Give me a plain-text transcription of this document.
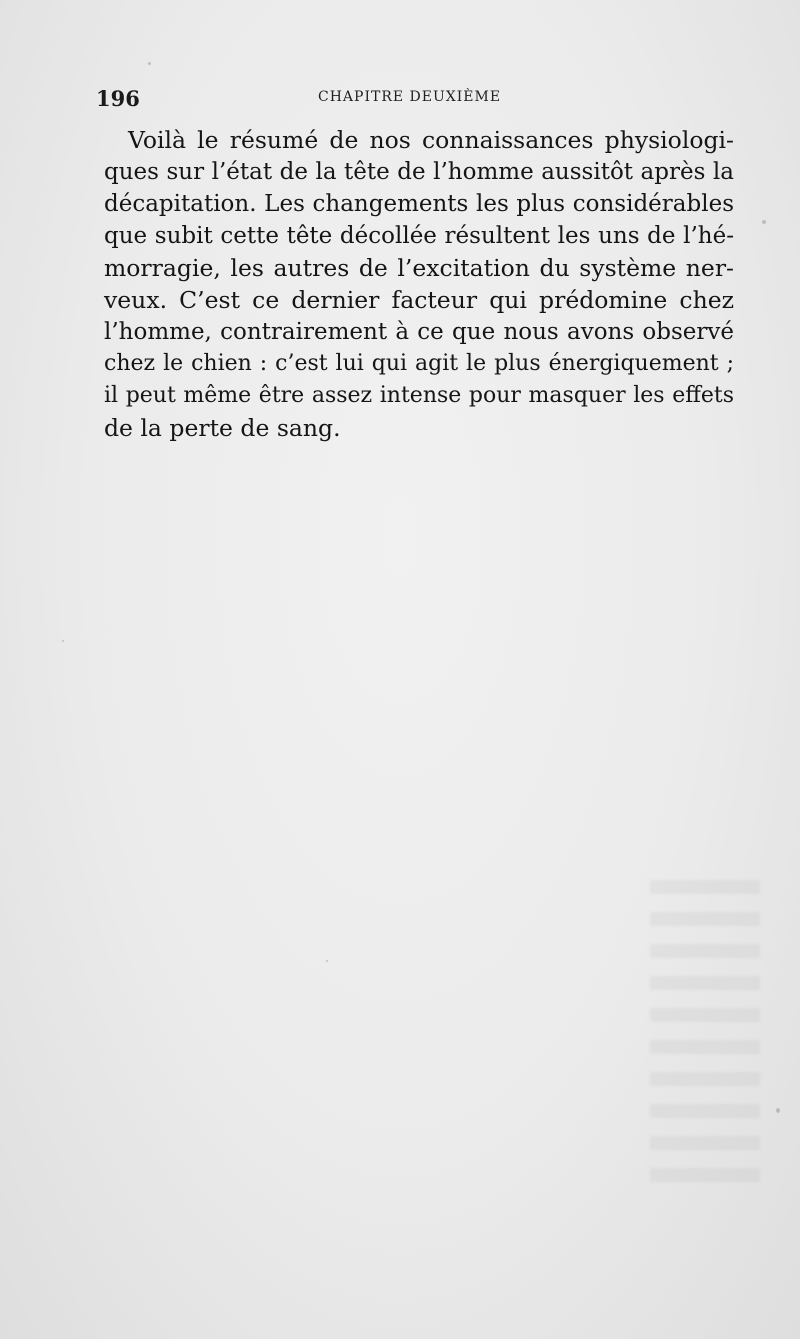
196	CHAPITRE DEUXIÈME
Voilà le résumé de nos connaissances physiologi-
ques sur l’état de la tête de l’homme aussitôt après la
décapitation. Les changements les plus considérables
que subit cette tête décollée résultent les uns de l’hé-
morragie, les autres de l’excitation du système ner-
veux. C’est ce dernier facteur qui prédomine chez
l’homme, contrairement à ce que nous avons observé
chez le chien : c’est lui qui agit le plus énergiquement ;
il peut même être assez intense pour masquer les effets
de la perte de sang.
